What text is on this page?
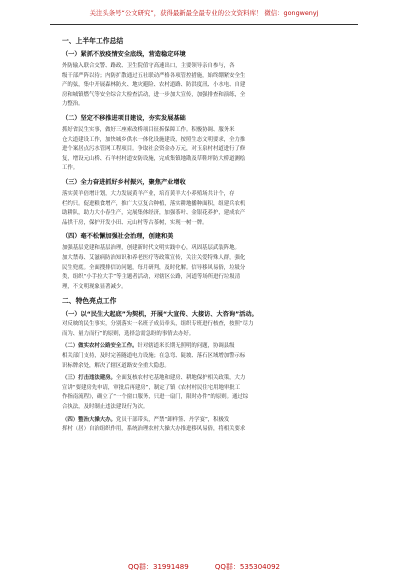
关注头条号“公文研究”，获得最新最全最专业的公文资料库！ 微信：gongwenyj
一、上半年工作总结
（一）紧抓不放疫情安全底线，营造稳定环境
外防输入联合交警、路政、卫生院值守高速出口，主要领导亲自参与，各
级干部严阵以待；内防扩散通过五社联动严格各项管控措施，始终绷紧安全生
产的弦，集中开展森林防火、地灾避险、农村道路、防洪度汛、小水电、自建
房和城镇燃气等安全综合大检查活动，进一步加大宣传，加强排查和演练，全
力整治。
（二）坚定不移推进项目建设，夯实发展基础
抓好省民生实事，做好三座索改桥项目征拆保障工作。积极协调、服务米
仓大道建设工作，加快城乡供水一体化设施建设，按照生态文明要求，全力推
进个案居点污水管网工程项目。争取社会资金办万元，对玉泉村村道进行了修
复，增设元山桥、石羊村村道安防设施，完成集镇地勘及草鞋坪防大桥道测绘
工作。
（三）全力奋进抓好乡村振兴，聚焦产业增收
落实黄羊倍增计划，大力发展黄羊产业，培育黄羊大小养殖场共计个，存
栏约只。促进粮食增产，推广大豆复合种植，落实耕地播种面积，组建兵农机
助耕队，助力大小春生产，完展集体经济，加强茶叶、金银花养护，建成农产
品拱干房，保护开发小田、元山村等古茶树，实现一树一牌。
（四）毫不松懈加强社会治理，创建和美
加强基层党建和基层治理，创建新时代文明实践中心，巩固基层武装阵地。
加大禁毒、艾滋病防治知识和养老医疗等政策宣传，关注关爱特殊人群，强化
民生兜底。全面搜排信访问题，每月研判，及时化解。信导移风易俗，垃圾分
类，组织“小手拉大手”等主题者活动，对辖区公路，河道等场所进行垃圾清
理，不文明现象显著减少。
二、特色亮点工作
（一）以“民生大起底”为契机，开展“大宣传、大接访、大咨询”活动。
对反映的民生事实，分别落实一名班子成员牵头，组织专班进行核查，按照“尽力
而为、量力而行”的原则，选择急需急盼的事情去办好。
（二）做实农村公路安全工作。针对辖道米长期无照明的问题，协调县级
相关部门支持，及时完善隧道电力设施；在急弯、陡坡、落石区域增加警示标
识标牌余处，解决了辖区道路安全重大隐患。
（三）打击违法建房。全面复核农村宅基地和建房、耕地保护相关政策，大力
宣讲“要建房先申请，审批后再建房”，制定了镇《农村村民住宅用地审批工
作指南流程》，确立了“一个窗口服务，只进一扇门，限时办件”的原则。通过综
合执法，及时制止违法建设行为次。
（四）整治大操大办。党员干部带头，严禁“卸样签、丹学宴”，积极发
挥村（居）自治组织作用，系统治理农村大操大办推进移风易俗，将相关要求
QQ群：31991489	QQ群：535304092
